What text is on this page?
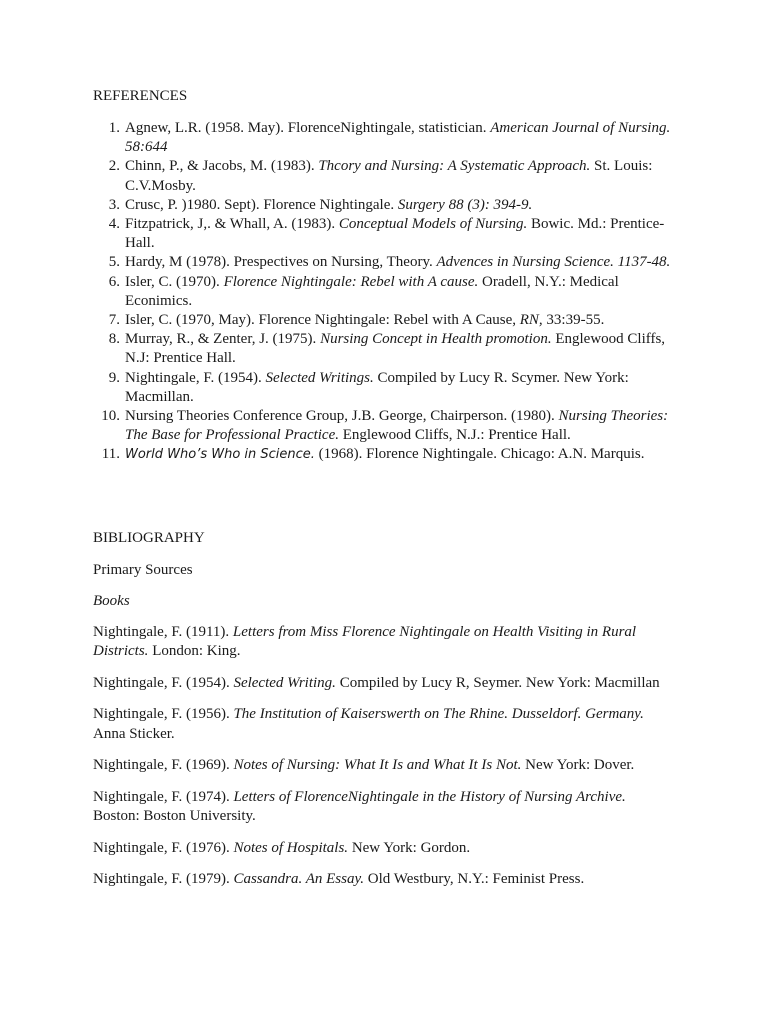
REFERENCES
1. Agnew, L.R. (1958. May). FlorenceNightingale, statistician. American Journal of Nursing. 58:644
2. Chinn, P., & Jacobs, M. (1983). Thcory and Nursing: A Systematic Approach. St. Louis: C.V.Mosby.
3. Crusc, P. )1980. Sept). Florence Nightingale. Surgery 88 (3): 394-9.
4. Fitzpatrick, J,. & Whall, A. (1983). Conceptual Models of Nursing. Bowic. Md.: Prentice-Hall.
5. Hardy, M (1978). Prespectives on Nursing, Theory. Advences in Nursing Science. 1137-48.
6. Isler, C. (1970). Florence Nightingale: Rebel with A cause. Oradell, N.Y.: Medical Econimics.
7. Isler, C. (1970, May). Florence Nightingale: Rebel with A Cause, RN, 33:39-55.
8. Murray, R., & Zenter, J. (1975). Nursing Concept in Health promotion. Englewood Cliffs, N.J: Prentice Hall.
9. Nightingale, F. (1954). Selected Writings. Compiled by Lucy R. Scymer. New York: Macmillan.
10. Nursing Theories Conference Group, J.B. George, Chairperson. (1980). Nursing Theories: The Base for Professional Practice. Englewood Cliffs, N.J.: Prentice Hall.
11. World Who’s Who in Science. (1968). Florence Nightingale. Chicago: A.N. Marquis.
BIBLIOGRAPHY

Primary Sources

Books

Nightingale, F. (1911). Letters from Miss Florence Nightingale on Health Visiting in Rural Districts. London: King.
Nightingale, F. (1954). Selected Writing. Compiled by Lucy R, Seymer. New York: Macmillan
Nightingale, F. (1956). The Institution of Kaiserswerth on The Rhine. Dusseldorf. Germany. Anna Sticker.
Nightingale, F. (1969). Notes of Nursing: What It Is and What It Is Not. New York: Dover.
Nightingale, F. (1974). Letters of FlorenceNightingale in the History of Nursing Archive. Boston: Boston University.
Nightingale, F. (1976). Notes of Hospitals. New York: Gordon.
Nightingale, F. (1979). Cassandra. An Essay. Old Westbury, N.Y.: Feminist Press.
